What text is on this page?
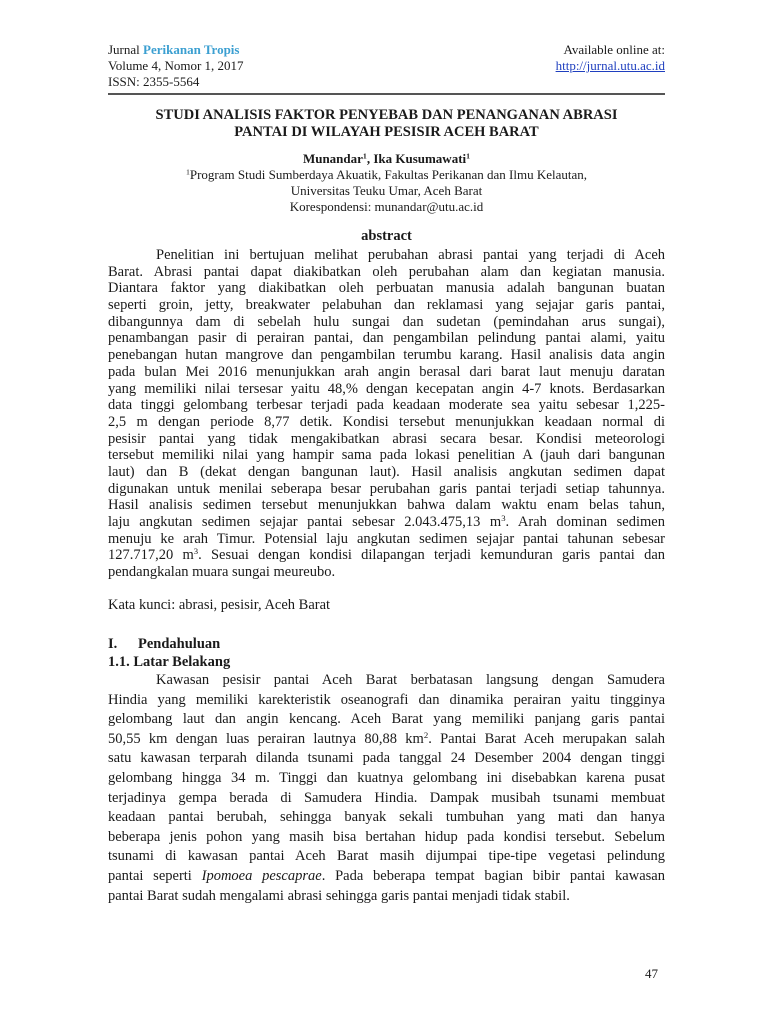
Jurnal Perikanan Tropis
Volume 4, Nomor 1, 2017
ISSN: 2355-5564
Available online at:
http://jurnal.utu.ac.id
STUDI ANALISIS FAKTOR PENYEBAB DAN PENANGANAN ABRASI
PANTAI DI WILAYAH PESISIR ACEH BARAT
Munandar$^1$, Ika Kusumawati$^1$
$^1$Program Studi Sumberdaya Akuatik, Fakultas Perikanan dan Ilmu Kelautan,
Universitas Teuku Umar, Aceh Barat
Korespondensi: munandar@utu.ac.id
abstract
Penelitian ini bertujuan melihat perubahan abrasi pantai yang terjadi di Aceh
Barat. Abrasi pantai dapat diakibatkan oleh perubahan alam dan kegiatan manusia.
Diantara faktor yang diakibatkan oleh perbuatan manusia adalah bangunan buatan
seperti groin, jetty, breakwater pelabuhan dan reklamasi yang sejajar garis pantai,
dibangunnya dam di sebelah hulu sungai dan sudetan (pemindahan arus sungai),
penambangan pasir di perairan pantai, dan pengambilan pelindung pantai alami, yaitu
penebangan hutan mangrove dan pengambilan terumbu karang. Hasil analisis data angin
pada bulan Mei 2016 menunjukkan arah angin berasal dari barat laut menuju daratan
yang memiliki nilai tersesar yaitu 48,% dengan kecepatan angin 4-7 knots. Berdasarkan
data tinggi gelombang terbesar terjadi pada keadaan moderate sea yaitu sebesar 1,225-
2,5 m dengan periode 8,77 detik. Kondisi tersebut menunjukkan keadaan normal di
pesisir pantai yang tidak mengakibatkan abrasi secara besar. Kondisi meteorologi
tersebut memiliki nilai yang hampir sama pada lokasi penelitian A (jauh dari bangunan
laut) dan B (dekat dengan bangunan laut). Hasil analisis angkutan sedimen dapat
digunakan untuk menilai seberapa besar perubahan garis pantai terjadi setiap tahunnya.
Hasil analisis sedimen tersebut menunjukkan bahwa dalam waktu enam belas tahun,
laju angkutan sedimen sejajar pantai sebesar 2.043.475,13 $m^3$. Arah dominan sedimen
menuju ke arah Timur. Potensial laju angkutan sedimen sejajar pantai tahunan sebesar
127.717,20 $m^3$. Sesuai dengan kondisi dilapangan terjadi kemunduran garis pantai dan
pendangkalan muara sungai meureubo.
Kata kunci: abrasi, pesisir, Aceh Barat
I. Pendahuluan
1.1. Latar Belakang
Kawasan pesisir pantai Aceh Barat berbatasan langsung dengan Samudera
Hindia yang memiliki karekteristik oseanografi dan dinamika perairan yaitu tingginya
gelombang laut dan angin kencang. Aceh Barat yang memiliki panjang garis pantai
50,55 km dengan luas perairan lautnya 80,88 $km^2$. Pantai Barat Aceh merupakan salah
satu kawasan terparah dilanda tsunami pada tanggal 24 Desember 2004 dengan tinggi
gelombang hingga 34 m. Tinggi dan kuatnya gelombang ini disebabkan karena pusat
terjadinya gempa berada di Samudera Hindia. Dampak musibah tsunami membuat
keadaan pantai berubah, sehingga banyak sekali tumbuhan yang mati dan hanya
beberapa jenis pohon yang masih bisa bertahan hidup pada kondisi tersebut. Sebelum
tsunami di kawasan pantai Aceh Barat masih dijumpai tipe-tipe vegetasi pelindung
pantai seperti Ipomoea pescaprae. Pada beberapa tempat bagian bibir pantai kawasan
pantai Barat sudah mengalami abrasi sehingga garis pantai menjadi tidak stabil.
47
